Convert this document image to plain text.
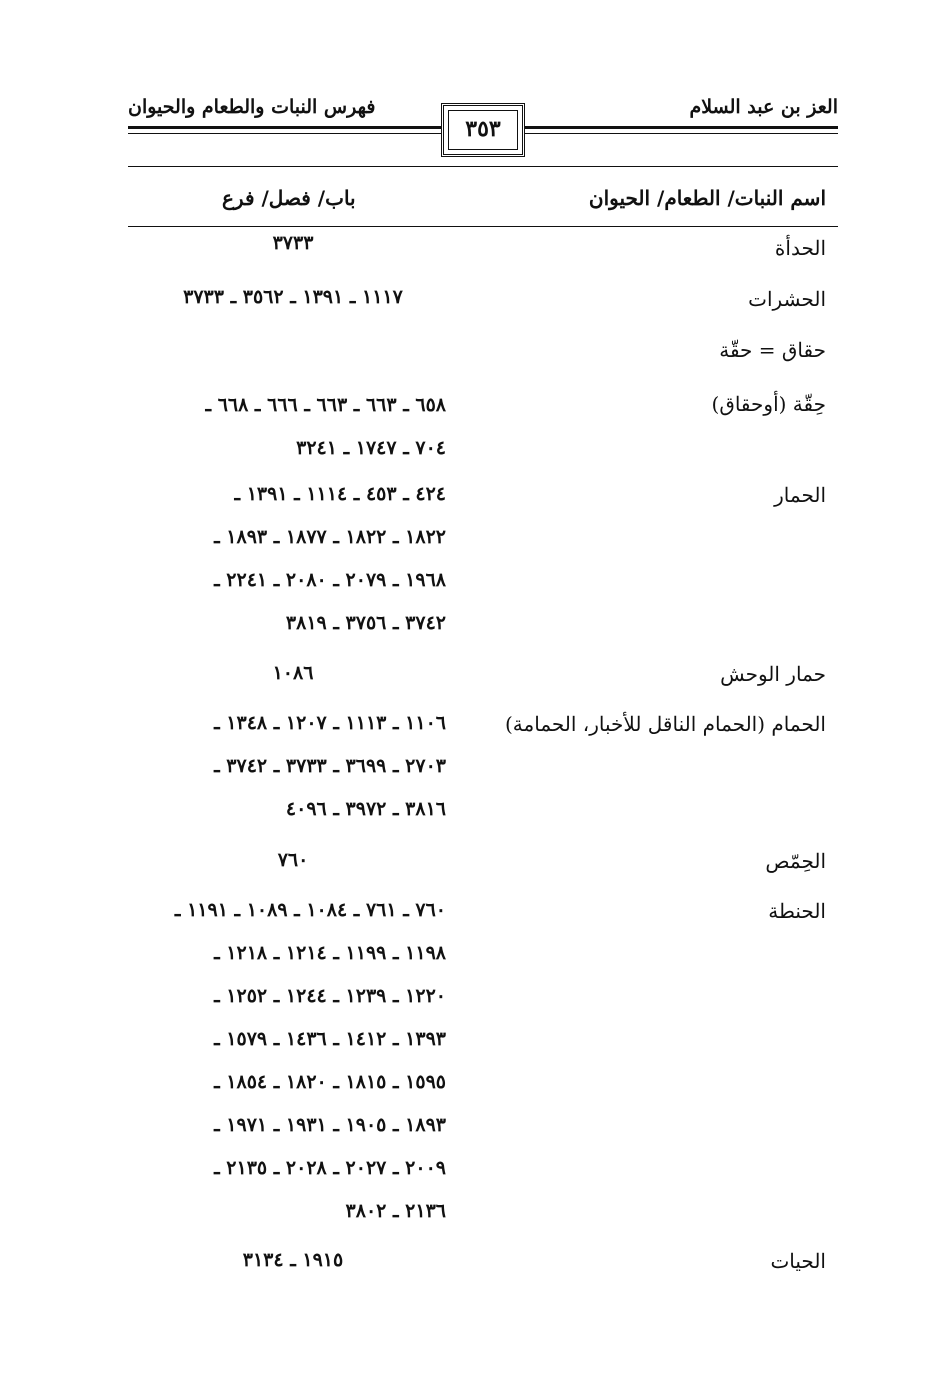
العز بن عبد السلام
فهرس النبات والطعام والحيوان
٣٥٣
اسم النبات/ الطعام/ الحيوان
باب/ فصل/ فرع
الحدأة
٣٧٣٣
الحشرات
١١١٧ ـ ١٣٩١ ـ ٣٥٦٢ ـ ٣٧٣٣
حقاق = حقّة
حِقّة (أوحقاق)
٦٥٨ ـ ٦٦٣ ـ ٦٦٣ ـ ٦٦٦ ـ ٦٦٨ ـ
٧٠٤ ـ ١٧٤٧ ـ ٣٢٤١
الحمار
٤٢٤ ـ ٤٥٣ ـ ١١١٤ ـ ١٣٩١ ـ
١٨٢٢ ـ ١٨٢٢ ـ ١٨٧٧ ـ ١٨٩٣ ـ
١٩٦٨ ـ ٢٠٧٩ ـ ٢٠٨٠ ـ ٢٢٤١ ـ
٣٧٤٢ ـ ٣٧٥٦ ـ ٣٨١٩
حمار الوحش
١٠٨٦
الحمام (الحمام الناقل للأخبار، الحمامة)
١١٠٦ ـ ١١١٣ ـ ١٢٠٧ ـ ١٣٤٨ ـ
٢٧٠٣ ـ ٣٦٩٩ ـ ٣٧٣٣ ـ ٣٧٤٢ ـ
٣٨١٦ ـ ٣٩٧٢ ـ ٤٠٩٦
الحِمّص
٧٦٠
الحنطة
٧٦٠ ـ ٧٦١ ـ ١٠٨٤ ـ ١٠٨٩ ـ ١١٩١ ـ
١١٩٨ ـ ١١٩٩ ـ ١٢١٤ ـ ١٢١٨ ـ
١٢٢٠ ـ ١٢٣٩ ـ ١٢٤٤ ـ ١٢٥٢ ـ
١٣٩٣ ـ ١٤١٢ ـ ١٤٣٦ ـ ١٥٧٩ ـ
١٥٩٥ ـ ١٨١٥ ـ ١٨٢٠ ـ ١٨٥٤ ـ
١٨٩٣ ـ ١٩٠٥ ـ ١٩٣١ ـ ١٩٧١ ـ
٢٠٠٩ ـ ٢٠٢٧ ـ ٢٠٢٨ ـ ٢١٣٥ ـ
٢١٣٦ ـ ٣٨٠٢
الحيات
١٩١٥ ـ ٣١٣٤
